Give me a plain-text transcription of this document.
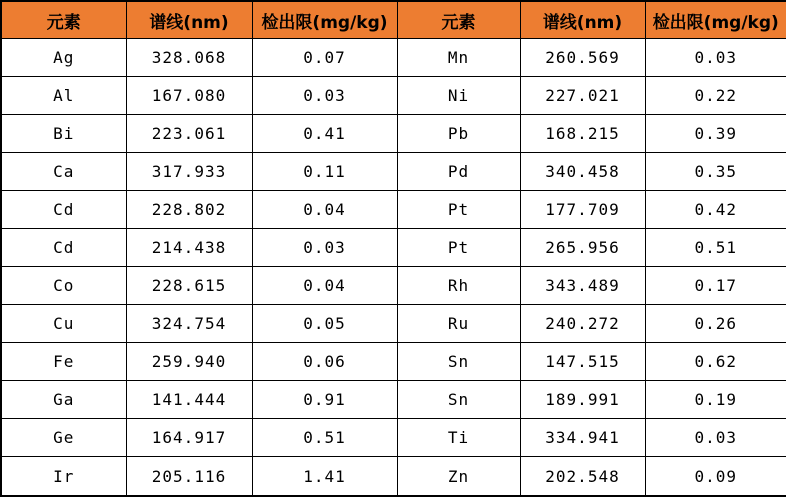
元素	谱线(nm)	检出限(mg/kg)	元素	谱线(nm)	检出限(mg/kg)
Ag	328.068	0.07	Mn	260.569	0.03
Al	167.080	0.03	Ni	227.021	0.22
Bi	223.061	0.41	Pb	168.215	0.39
Ca	317.933	0.11	Pd	340.458	0.35
Cd	228.802	0.04	Pt	177.709	0.42
Cd	214.438	0.03	Pt	265.956	0.51
Co	228.615	0.04	Rh	343.489	0.17
Cu	324.754	0.05	Ru	240.272	0.26
Fe	259.940	0.06	Sn	147.515	0.62
Ga	141.444	0.91	Sn	189.991	0.19
Ge	164.917	0.51	Ti	334.941	0.03
Ir	205.116	1.41	Zn	202.548	0.09
